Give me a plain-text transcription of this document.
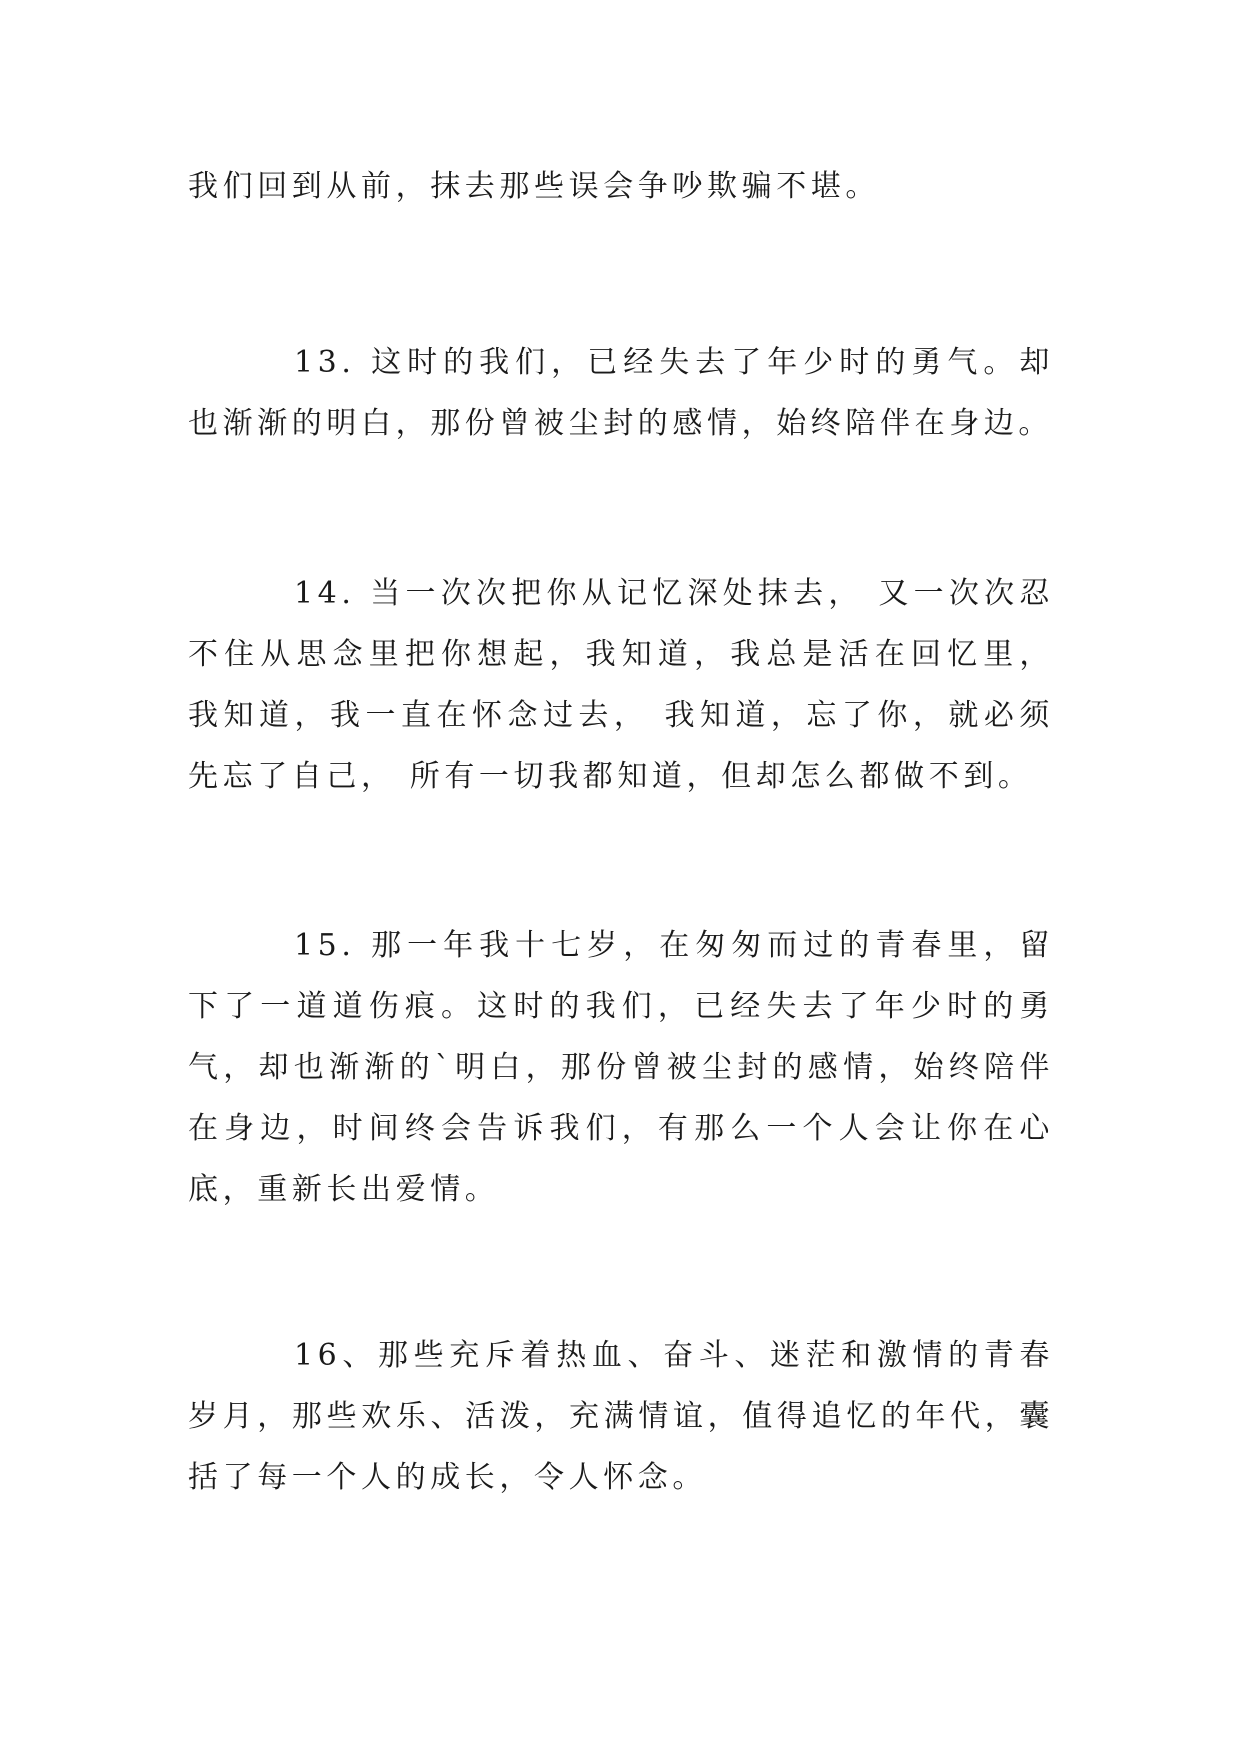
我们回到从前，抹去那些误会争吵欺骗不堪。

13. 这时的我们，已经失去了年少时的勇气。却也渐渐的明白，那份曾被尘封的感情，始终陪伴在身边。

14. 当一次次把你从记忆深处抹去， 又一次次忍不住从思念里把你想起，我知道，我总是活在回忆里， 我知道，我一直在怀念过去， 我知道，忘了你，就必须先忘了自己， 所有一切我都知道，但却怎么都做不到。

15. 那一年我十七岁，在匆匆而过的青春里，留下了一道道伤痕。这时的我们，已经失去了年少时的勇气，却也渐渐的`明白，那份曾被尘封的感情，始终陪伴在身边，时间终会告诉我们，有那么一个人会让你在心底，重新长出爱情。

16、那些充斥着热血、奋斗、迷茫和激情的青春岁月，那些欢乐、活泼，充满情谊，值得追忆的年代，囊括了每一个人的成长，令人怀念。
